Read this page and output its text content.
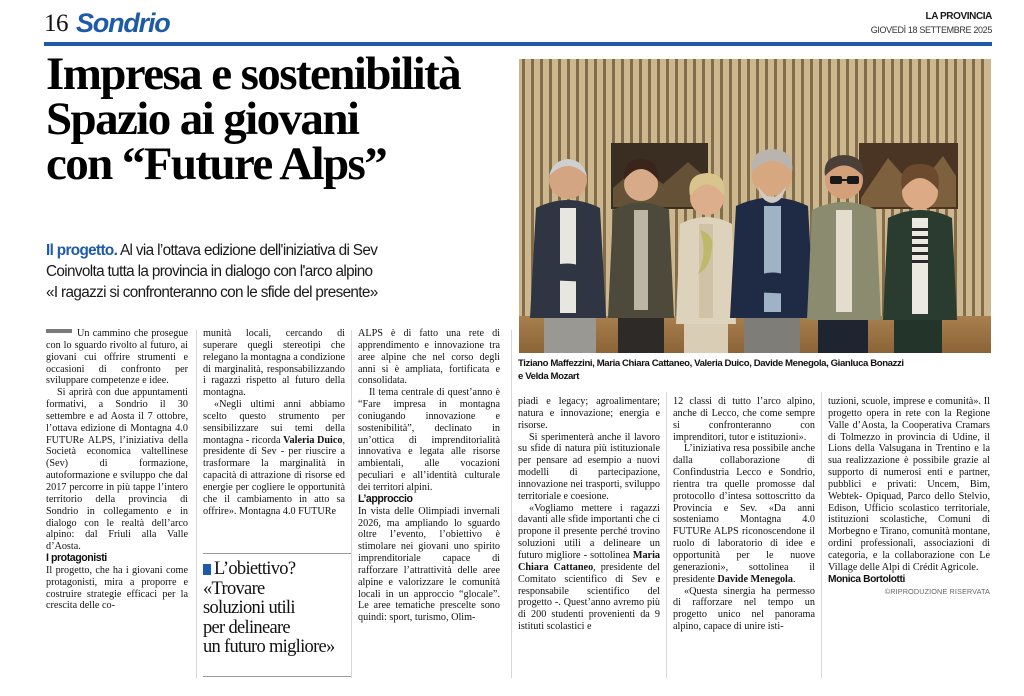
16 Sondrio	LA PROVINCIA
GIOVEDÌ 18 SETTEMBRE 2025
Impresa e sostenibilità
Spazio ai giovani
con “Future Alps”
Il progetto. Al via l’ottava edizione dell'iniziativa di Sev
Coinvolta tutta la provincia in dialogo con l'arco alpino
«I ragazzi si confronteranno con le sfide del presente»
Tiziano Maffezzini, Maria Chiara Cattaneo, Valeria Duico, Davide Menegola, Gianluca Bonazzi
e Velda Mozart

Un cammino che prosegue con lo sguardo rivolto al futuro, ai giovani cui offrire strumenti e occasioni di confronto per sviluppare competenze e idee.

Si aprirà con due appuntamenti formativi, a Sondrio il 30 settembre e ad Aosta il 7 ottobre, l’ottava edizione di Montagna 4.0 FUTURe ALPS, l’iniziativa della Società economica valtellinese (Sev) di formazione, autoformazione e sviluppo che dal 2017 percorre in più tappe l’intero territorio della provincia di Sondrio in collegamento e in dialogo con le realtà dell’arco alpino: dal Friuli alla Valle d’Aosta.

I protagonisti

Il progetto, che ha i giovani come protagonisti, mira a proporre e costruire strategie efficaci per la crescita delle co-

munità locali, cercando di superare quegli stereotipi che relegano la montagna a condizione di marginalità, responsabilizzando i ragazzi rispetto al futuro della montagna.

«Negli ultimi anni abbiamo scelto questo strumento per sensibilizzare sui temi della montagna - ricorda Valeria Duico, presidente di Sev - per riuscire a trasformare la marginalità in capacità di attrazione di risorse ed energie per cogliere le opportunità che il cambiamento in atto sa offrire». Montagna 4.0 FUTURe

L’obiettivo?
«Trovare
soluzioni utili
per delineare
un futuro migliore»

ALPS è di fatto una rete di apprendimento e innovazione tra aree alpine che nel corso degli anni si è ampliata, fortificata e consolidata.

Il tema centrale di quest’anno è “Fare impresa in montagna coniugando innovazione e sostenibilità”, declinato in un’ottica di imprenditorialità innovativa e legata alle risorse ambientali, alle vocazioni peculiari e all’identità culturale dei territori alpini.

L’approccio

In vista delle Olimpiadi invernali 2026, ma ampliando lo sguardo oltre l’evento, l’obiettivo è stimolare nei giovani uno spirito imprenditoriale capace di rafforzare l’attrattività delle aree alpine e valorizzare le comunità locali in un approccio “glocale”. Le aree tematiche prescelte sono quindi: sport, turismo, Olim-

piadi e legacy; agroalimentare; natura e innovazione; energia e risorse.

Si sperimenterà anche il lavoro su sfide di natura più istituzionale per pensare ad esempio a nuovi modelli di partecipazione, innovazione nei trasporti, sviluppo territoriale e coesione.

«Vogliamo mettere i ragazzi davanti alle sfide importanti che ci propone il presente perché trovino soluzioni utili a delineare un futuro migliore - sottolinea Maria Chiara Cattaneo, presidente del Comitato scientifico di Sev e responsabile scientifico del progetto -. Quest’anno avremo più di 200 studenti provenienti da 9 istituti scolastici e

12 classi di tutto l’arco alpino, anche di Lecco, che come sempre si confronteranno con imprenditori, tutor e istituzioni».

L’iniziativa resa possibile anche dalla collaborazione di Confindustria Lecco e Sondrio, rientra tra quelle promosse dal protocollo d’intesa sottoscritto da Provincia e Sev. «Da anni sosteniamo Montagna 4.0 FUTURe ALPS riconoscendone il ruolo di laboratorio di idee e opportunità per le nuove generazioni», sottolinea il presidente Davide Menegola.

«Questa sinergia ha permesso di rafforzare nel tempo un progetto unico nel panorama alpino, capace di unire isti-

tuzioni, scuole, imprese e comunità». Il progetto opera in rete con la Regione Valle d’Aosta, la Cooperativa Cramars di Tolmezzo in provincia di Udine, il Lions della Valsugana in Trentino e la sua realizzazione è possibile grazie al supporto di numerosi enti e partner, pubblici e privati: Uncem, Bim, Webtek- Opiquad, Parco dello Stelvio, Edison, Ufficio scolastico territoriale, istituzioni scolastiche, Comuni di Morbegno e Tirano, comunità montane, ordini professionali, associazioni di categoria, e la collaborazione con Le Village delle Alpi di Crédit Agricole.

Monica Bortolotti

©RIPRODUZIONE RISERVATA
